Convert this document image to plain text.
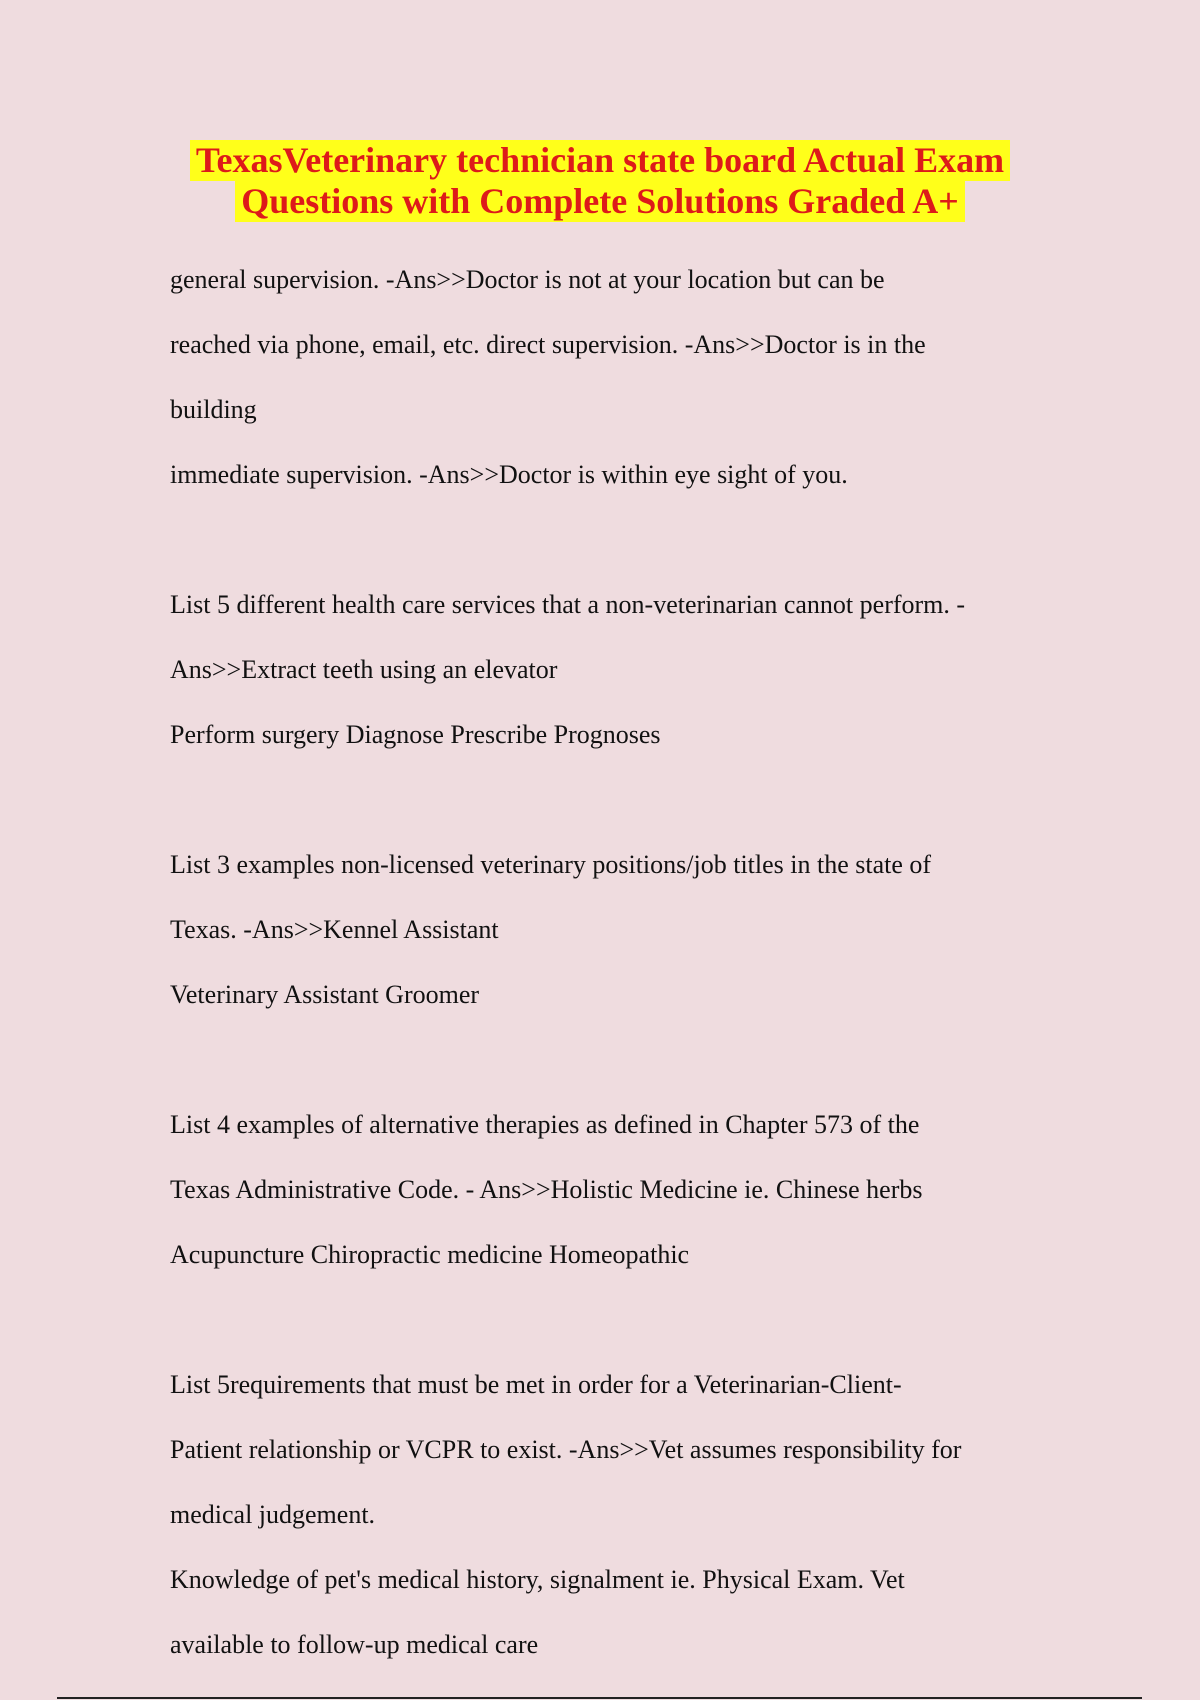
TexasVeterinary technician state board Actual Exam
Questions with Complete Solutions Graded A+
general supervision. -Ans>>Doctor is not at your location but can be
reached via phone, email, etc. direct supervision. -Ans>>Doctor is in the
building
immediate supervision. -Ans>>Doctor is within eye sight of you.
List 5 different health care services that a non-veterinarian cannot perform. -
Ans>>Extract teeth using an elevator
Perform surgery Diagnose Prescribe Prognoses
List 3 examples non-licensed veterinary positions/job titles in the state of
Texas. -Ans>>Kennel Assistant
Veterinary Assistant Groomer
List 4 examples of alternative therapies as defined in Chapter 573 of the
Texas Administrative Code. - Ans>>Holistic Medicine ie. Chinese herbs
Acupuncture Chiropractic medicine Homeopathic
List 5requirements that must be met in order for a Veterinarian-Client-
Patient relationship or VCPR to exist. -Ans>>Vet assumes responsibility for
medical judgement.
Knowledge of pet's medical history, signalment ie. Physical Exam. Vet
available to follow-up medical care
